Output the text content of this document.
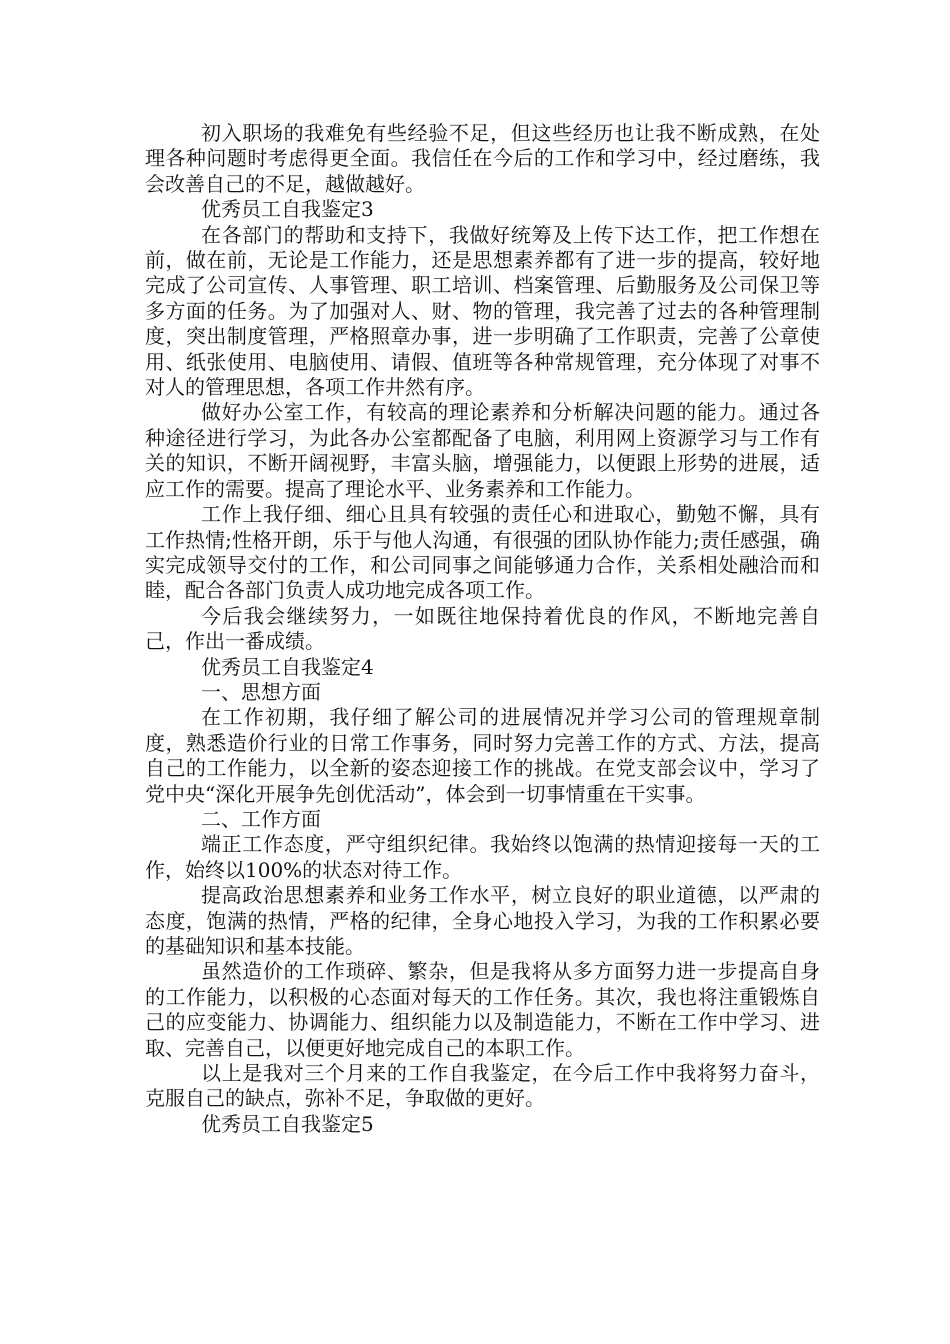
初入职场的我难免有些经验不足，但这些经历也让我不断成熟，在处理各种问题时考虑得更全面。我信任在今后的工作和学习中，经过磨练，我会改善自己的不足，越做越好。

优秀员工自我鉴定3

在各部门的帮助和支持下，我做好统筹及上传下达工作，把工作想在前，做在前，无论是工作能力，还是思想素养都有了进一步的提高，较好地完成了公司宣传、人事管理、职工培训、档案管理、后勤服务及公司保卫等多方面的任务。为了加强对人、财、物的管理，我完善了过去的各种管理制度，突出制度管理，严格照章办事，进一步明确了工作职责，完善了公章使用、纸张使用、电脑使用、请假、值班等各种常规管理，充分体现了对事不对人的管理思想，各项工作井然有序。

做好办公室工作，有较高的理论素养和分析解决问题的能力。通过各种途径进行学习，为此各办公室都配备了电脑，利用网上资源学习与工作有关的知识，不断开阔视野，丰富头脑，增强能力，以便跟上形势的进展，适应工作的需要。提高了理论水平、业务素养和工作能力。

工作上我仔细、细心且具有较强的责任心和进取心，勤勉不懈，具有工作热情;性格开朗，乐于与他人沟通，有很强的团队协作能力;责任感强，确实完成领导交付的工作，和公司同事之间能够通力合作，关系相处融洽而和睦，配合各部门负责人成功地完成各项工作。

今后我会继续努力，一如既往地保持着优良的作风，不断地完善自己，作出一番成绩。

优秀员工自我鉴定4

一、思想方面

在工作初期，我仔细了解公司的进展情况并学习公司的管理规章制度，熟悉造价行业的日常工作事务，同时努力完善工作的方式、方法，提高自己的工作能力，以全新的姿态迎接工作的挑战。在党支部会议中，学习了党中央“深化开展争先创优活动”，体会到一切事情重在干实事。

二、工作方面

端正工作态度，严守组织纪律。我始终以饱满的热情迎接每一天的工作，始终以100%的状态对待工作。

提高政治思想素养和业务工作水平，树立良好的职业道德，以严肃的态度，饱满的热情，严格的纪律，全身心地投入学习，为我的工作积累必要的基础知识和基本技能。

虽然造价的工作琐碎、繁杂，但是我将从多方面努力进一步提高自身的工作能力，以积极的心态面对每天的工作任务。其次，我也将注重锻炼自己的应变能力、协调能力、组织能力以及制造能力，不断在工作中学习、进取、完善自己，以便更好地完成自己的本职工作。

以上是我对三个月来的工作自我鉴定，在今后工作中我将努力奋斗，克服自己的缺点，弥补不足，争取做的更好。

优秀员工自我鉴定5
